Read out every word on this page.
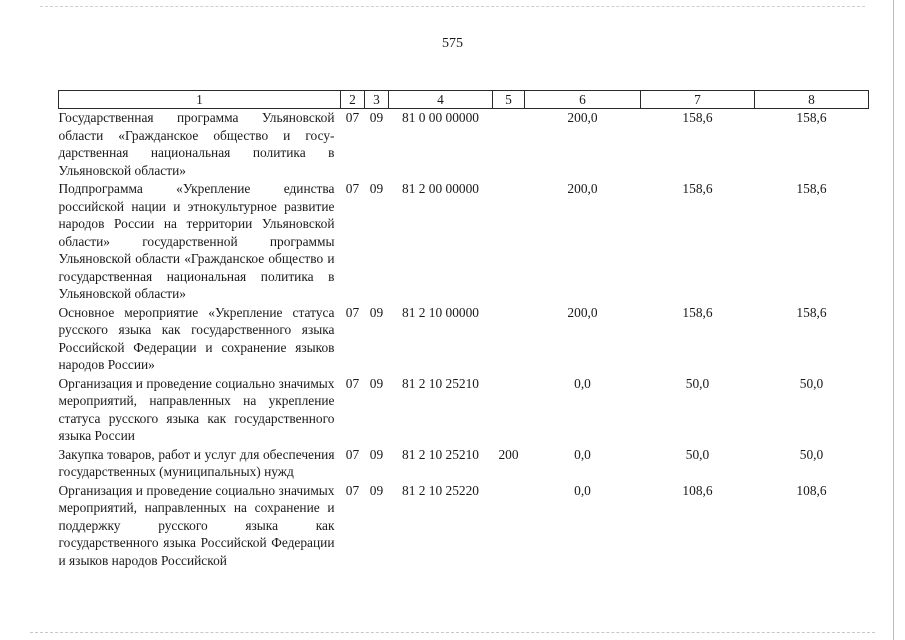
575
1	2	3	4	5	6	7	8
Государственная программа Ульяновской области «Гражданское общество и государственная национальная политика в Ульяновской области»	07	09	81 0 00 00000		200,0	158,6	158,6
Подпрограмма «Укрепление единства российской нации и этнокультурное развитие народов России на территории Ульяновской области» государственной программы Ульяновской области «Гражданское общество и государственная национальная политика в Ульяновской области»	07	09	81 2 00 00000		200,0	158,6	158,6
Основное мероприятие «Укрепление статуса русского языка как государственного языка Российской Федерации и сохранение языков народов России»	07	09	81 2 10 00000		200,0	158,6	158,6
Организация и проведение социально значимых мероприятий, направленных на укрепление статуса русского языка как государственного языка России	07	09	81 2 10 25210		0,0	50,0	50,0
Закупка товаров, работ и услуг для обеспечения государственных (муниципальных) нужд	07	09	81 2 10 25210	200	0,0	50,0	50,0
Организация и проведение социально значимых мероприятий, направленных на сохранение и поддержку русского языка как государственного языка Российской Федерации и языков народов Российской	07	09	81 2 10 25220		0,0	108,6	108,6
